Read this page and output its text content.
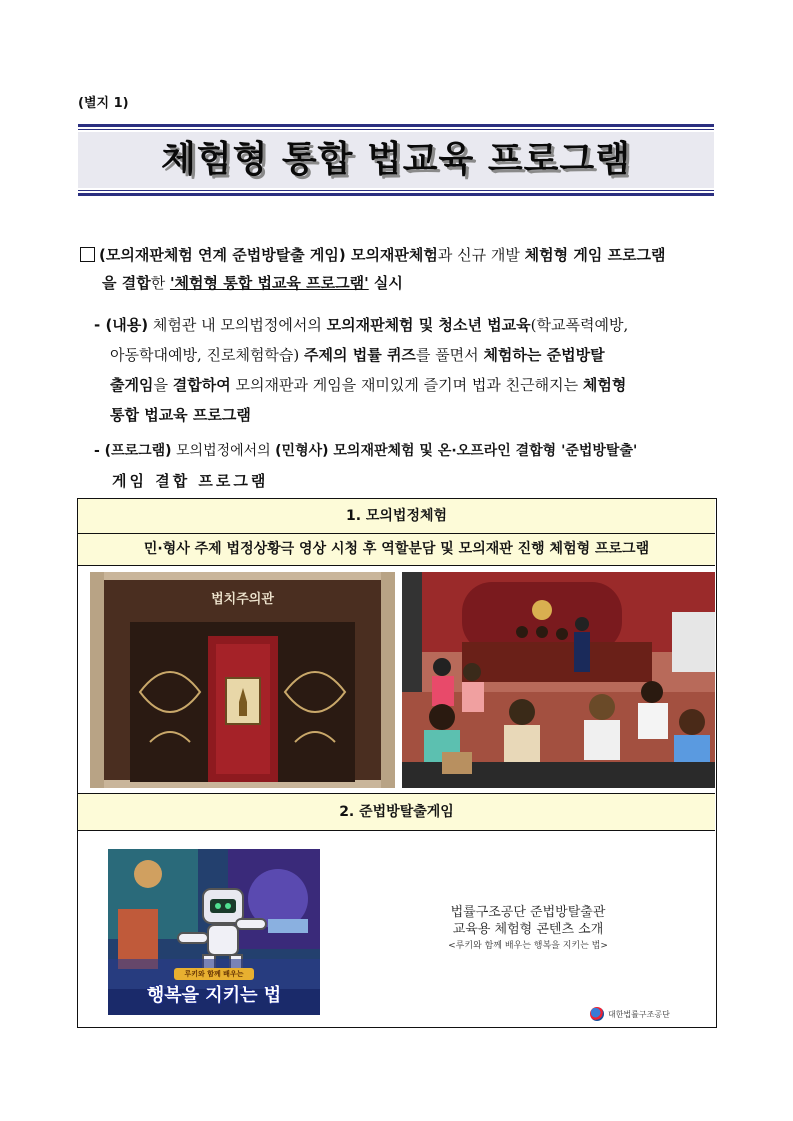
(별지 1)
체험형 통합 법교육 프로그램
(모의재판체험 연계 준법방탈출 게임) 모의재판체험과 신규 개발 체험형 게임 프로그램
을 결합한 '체험형 통합 법교육 프로그램' 실시
- (내용) 체험관 내 모의법정에서의 모의재판체험 및 청소년 법교육(학교폭력예방,
아동학대예방, 진로체험학습) 주제의 법률 퀴즈를 풀면서 체험하는 준법방탈
출게임을 결합하여 모의재판과 게임을 재미있게 즐기며 법과 친근해지는 체험형
통합 법교육 프로그램
- (프로그램) 모의법정에서의 (민형사) 모의재판체험 및 온·오프라인 결합형 '준법방탈출'
게임 결합 프로그램
1. 모의법정체험
민·형사 주제 법정상황극 영상 시청 후 역할분담 및 모의재판 진행 체험형 프로그램
법치주의관
2. 준법방탈출게임
루키와 함께 배우는
행복을 지키는 법
법률구조공단 준법방탈출관
교육용 체험형 콘텐츠 소개
<루키와 함께 배우는 행복을 지키는 법>
대한법률구조공단
